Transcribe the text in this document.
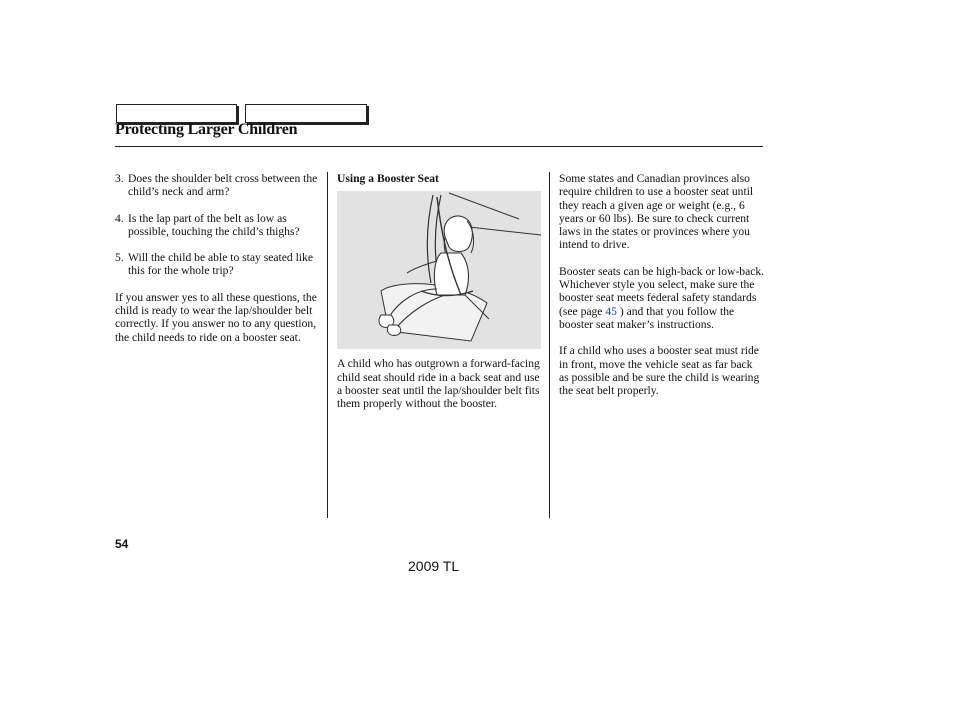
Protecting Larger Children
3. Does the shoulder belt cross between the child’s neck and arm?
4. Is the lap part of the belt as low as possible, touching the child’s thighs?
5. Will the child be able to stay seated like this for the whole trip?

If you answer yes to all these questions, the child is ready to wear the lap/shoulder belt correctly. If you answer no to any question, the child needs to ride on a booster seat.

Using a Booster Seat

A child who has outgrown a forward-facing child seat should ride in a back seat and use a booster seat until the lap/shoulder belt fits them properly without the booster.

Some states and Canadian provinces also require children to use a booster seat until they reach a given age or weight (e.g., 6 years or 60 lbs). Be sure to check current laws in the states or provinces where you intend to drive.

Booster seats can be high-back or low-back. Whichever style you select, make sure the booster seat meets federal safety standards (see page 45 ) and that you follow the booster seat maker’s instructions.

If a child who uses a booster seat must ride in front, move the vehicle seat as far back as possible and be sure the child is wearing the seat belt properly.

54
2009 TL
